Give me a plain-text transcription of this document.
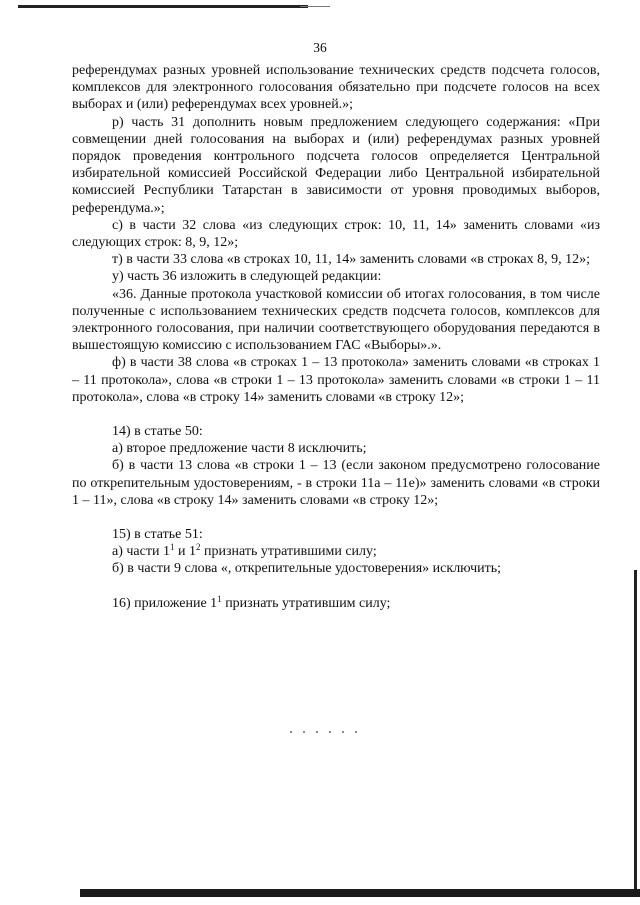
36

референдумах разных уровней использование технических средств подсчета голосов, комплексов для электронного голосования обязательно при подсчете голосов на всех выборах и (или) референдумах всех уровней.»;

р) часть 31 дополнить новым предложением следующего содержания: «При совмещении дней голосования на выборах и (или) референдумах разных уровней порядок проведения контрольного подсчета голосов определяется Центральной избирательной комиссией Российской Федерации либо Центральной избирательной комиссией Республики Татарстан в зависимости от уровня проводимых выборов, референдума.»;

с) в части 32 слова «из следующих строк: 10, 11, 14» заменить словами «из следующих строк: 8, 9, 12»;

т) в части 33 слова «в строках 10, 11, 14» заменить словами «в строках 8, 9, 12»;

у) часть 36 изложить в следующей редакции:

«36. Данные протокола участковой комиссии об итогах голосования, в том числе полученные с использованием технических средств подсчета голосов, комплексов для электронного голосования, при наличии соответствующего оборудования передаются в вышестоящую комиссию с использованием ГАС «Выборы».».

ф) в части 38 слова «в строках 1 – 13 протокола» заменить словами «в строках 1 – 11 протокола», слова «в строки 1 – 13 протокола» заменить словами «в строки 1 – 11 протокола», слова «в строку 14» заменить словами «в строку 12»;

14) в статье 50:

а) второе предложение части 8 исключить;

б) в части 13 слова «в строки 1 – 13 (если законом предусмотрено голосование по открепительным удостоверениям, - в строки 11а – 11е)» заменить словами «в строки 1 – 11», слова «в строку 14» заменить словами «в строку 12»;

15) в статье 51:

а) части $1^1$ и $1^2$ признать утратившими силу;

б) в части 9 слова «, открепительные удостоверения» исключить;

16) приложение $1^1$ признать утратившим силу;
